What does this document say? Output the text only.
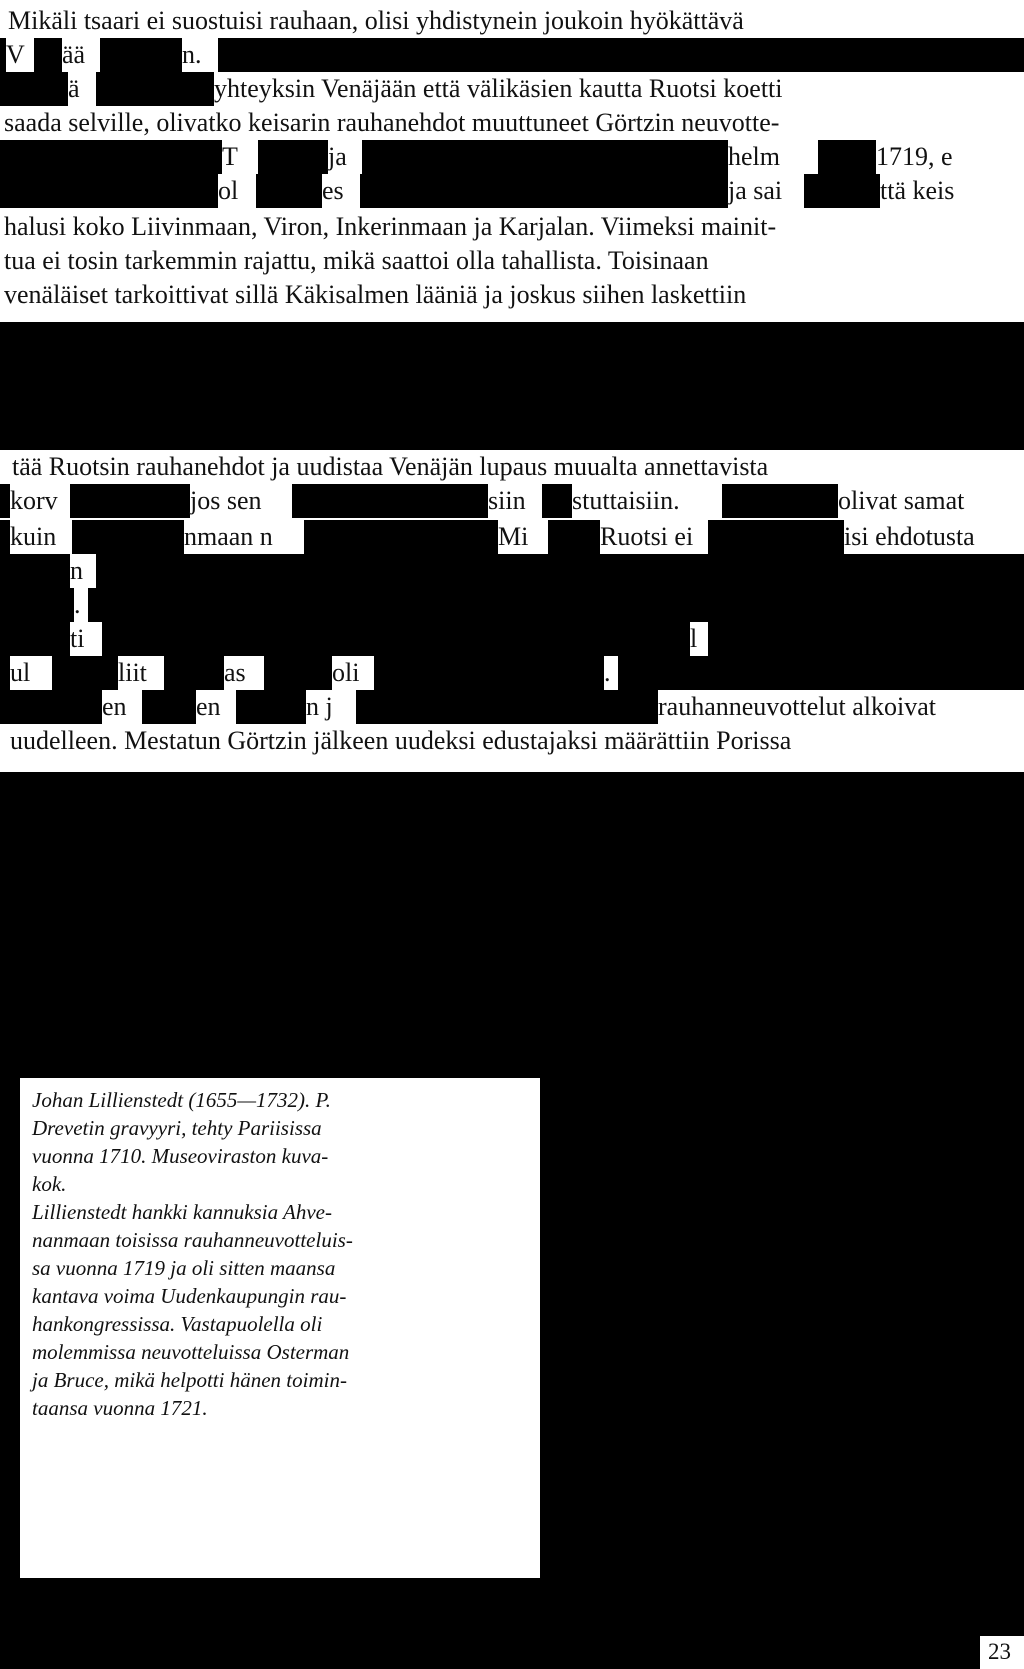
Mikäli tsaari ei suostuisi rauhaan, olisi yhdistynein joukoin hyökättävä
V	ää	n.
ä	yhteyksin Venäjään että välikäsien kautta Ruotsi koetti
saada selville, olivatko keisarin rauhanehdot muuttuneet Görtzin neuvotte-
T	ja	helm	1719, e
ol	es	ja sai	ttä keis
halusi koko Liivinmaan, Viron, Inkerinmaan ja Karjalan. Viimeksi mainit-
tua ei tosin tarkemmin rajattu, mikä saattoi olla tahallista. Toisinaan
venäläiset tarkoittivat sillä Käkisalmen lääniä ja joskus siihen laskettiin
tää Ruotsin rauhanehdot ja uudistaa Venäjän lupaus muualta annettavista
korv	jos sen	siin	stuttaisiin.	olivat samat
kuin	nmaan n	Mi	Ruotsi ei	isi ehdotusta
n
.
ti	l
ul	liit	as	oli	.
en	en	n j	rauhanneuvottelut alkoivat
uudelleen. Mestatun Görtzin jälkeen uudeksi edustajaksi määrättiin Porissa
Johan Lillienstedt (1655—1732). P.
Drevetin gravyyri, tehty Pariisissa
vuonna 1710. Museoviraston kuva-
kok.
Lillienstedt hankki kannuksia Ahve-
nanmaan toisissa rauhanneuvotteluis-
sa vuonna 1719 ja oli sitten maansa
kantava voima Uudenkaupungin rau-
hankongressissa. Vastapuolella oli
molemmissa neuvotteluissa Osterman
ja Bruce, mikä helpotti hänen toimin-
taansa vuonna 1721.
23
